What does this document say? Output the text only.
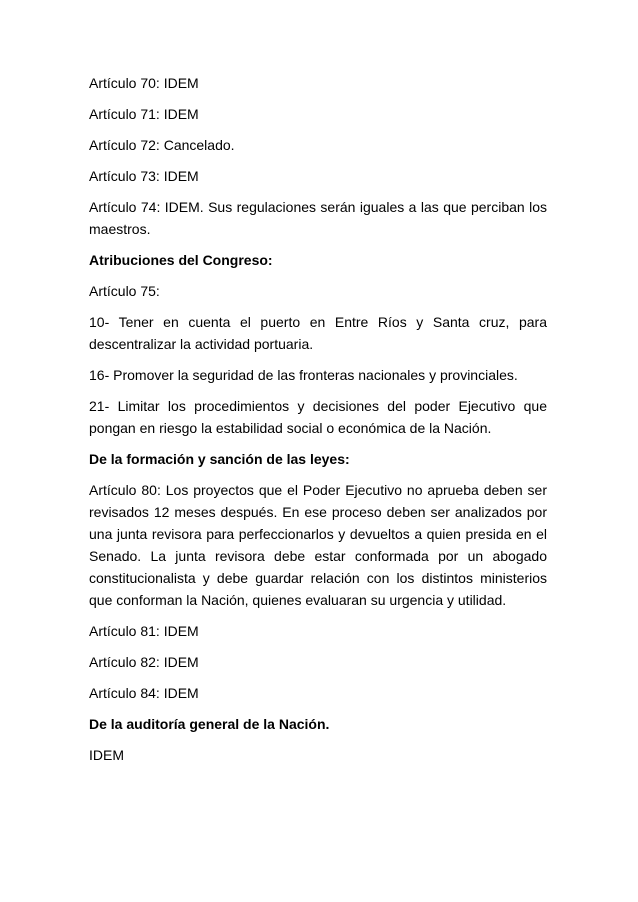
Artículo 70: IDEM

Artículo 71: IDEM

Artículo 72: Cancelado.

Artículo 73: IDEM

Artículo 74: IDEM. Sus regulaciones serán iguales a las que perciban los maestros.

Atribuciones del Congreso:

Artículo 75:

10- Tener en cuenta el puerto en Entre Ríos y Santa cruz, para descentralizar la actividad portuaria.

16- Promover la seguridad de las fronteras nacionales y provinciales.

21- Limitar los procedimientos y decisiones del poder Ejecutivo que pongan en riesgo la estabilidad social o económica de la Nación.

De la formación y sanción de las leyes:

Artículo 80: Los proyectos que el Poder Ejecutivo no aprueba deben ser revisados 12 meses después. En ese proceso deben ser analizados por una junta revisora para perfeccionarlos y devueltos a quien presida en el Senado. La junta revisora debe estar conformada por un abogado constitucionalista y debe guardar relación con los distintos ministerios que conforman la Nación, quienes evaluaran su urgencia y utilidad.

Artículo 81: IDEM

Artículo 82: IDEM

Artículo 84: IDEM

De la auditoría general de la Nación.

IDEM
